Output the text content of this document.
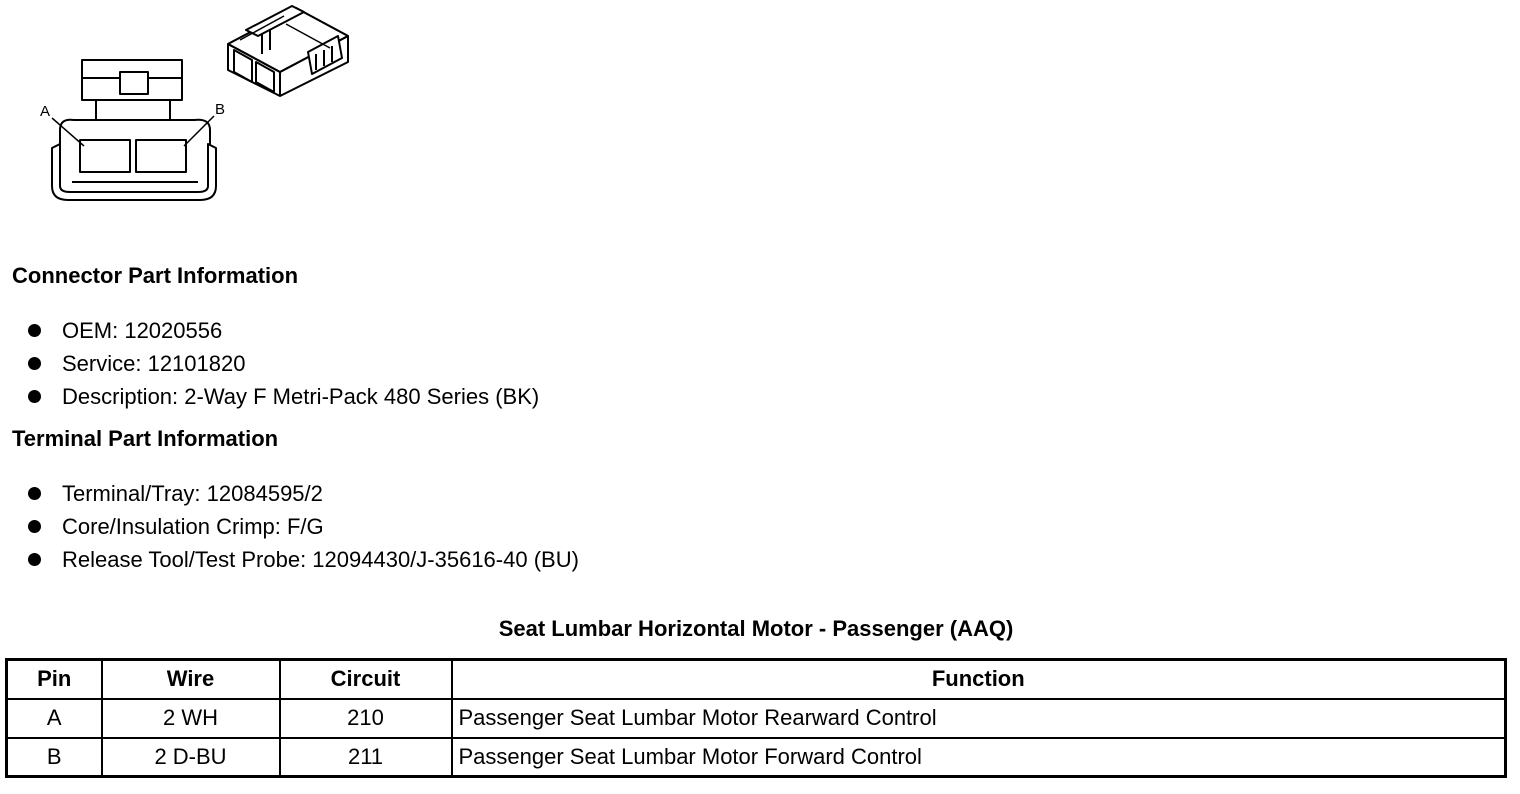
A	B
Connector Part Information
OEM: 12020556
Service: 12101820
Description: 2-Way F Metri-Pack 480 Series (BK)
Terminal Part Information
Terminal/Tray: 12084595/2
Core/Insulation Crimp: F/G
Release Tool/Test Probe: 12094430/J-35616-40 (BU)
Seat Lumbar Horizontal Motor - Passenger (AAQ)
Pin	Wire	Circuit	Function
A	2 WH	210	Passenger Seat Lumbar Motor Rearward Control
B	2 D-BU	211	Passenger Seat Lumbar Motor Forward Control
